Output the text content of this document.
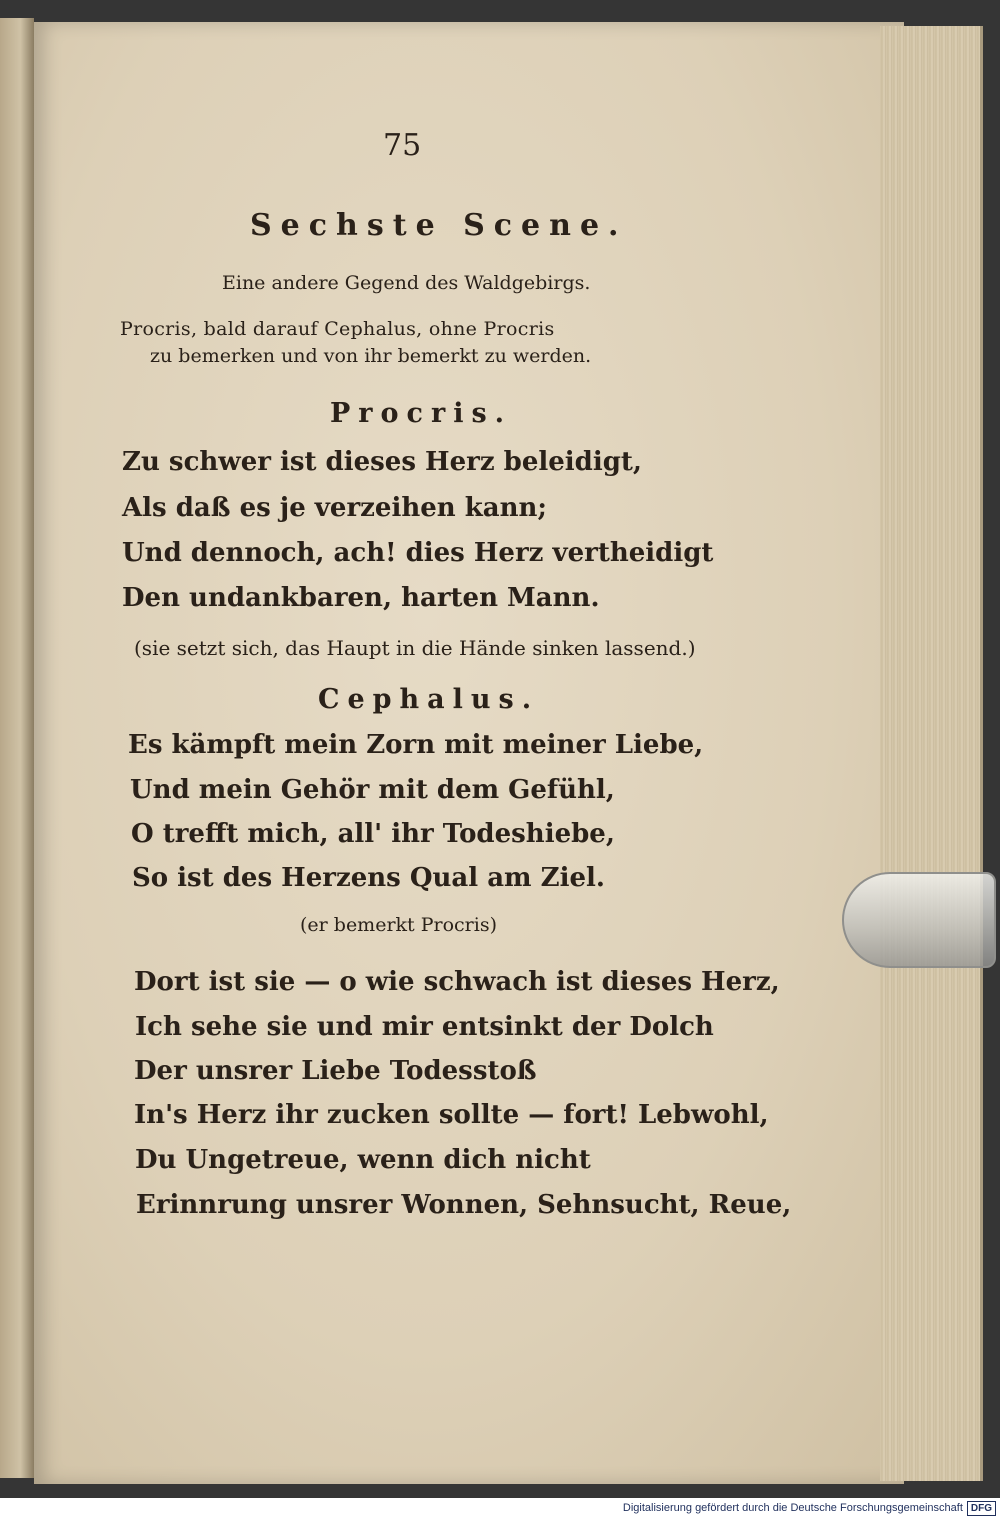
75
Sechste Scene.
Eine andere Gegend des Waldgebirgs.
Procris, bald darauf Cephalus, ohne Procris
zu bemerken und von ihr bemerkt zu werden.
Procris.
Zu schwer ist dieses Herz beleidigt,
Als daß es je verzeihen kann;
Und dennoch, ach! dies Herz vertheidigt
Den undankbaren, harten Mann.
(sie setzt sich, das Haupt in die Hände sinken lassend.)
Cephalus.
Es kämpft mein Zorn mit meiner Liebe,
Und mein Gehör mit dem Gefühl,
O trefft mich, all' ihr Todeshiebe,
So ist des Herzens Qual am Ziel.
(er bemerkt Procris)
Dort ist sie — o wie schwach ist dieses Herz,
Ich sehe sie und mir entsinkt der Dolch
Der unsrer Liebe Todesstoß
In's Herz ihr zucken sollte — fort! Lebwohl,
Du Ungetreue, wenn dich nicht
Erinnrung unsrer Wonnen, Sehnsucht, Reue,
Digitalisierung gefördert durch die Deutsche Forschungsgemeinschaft DFG
